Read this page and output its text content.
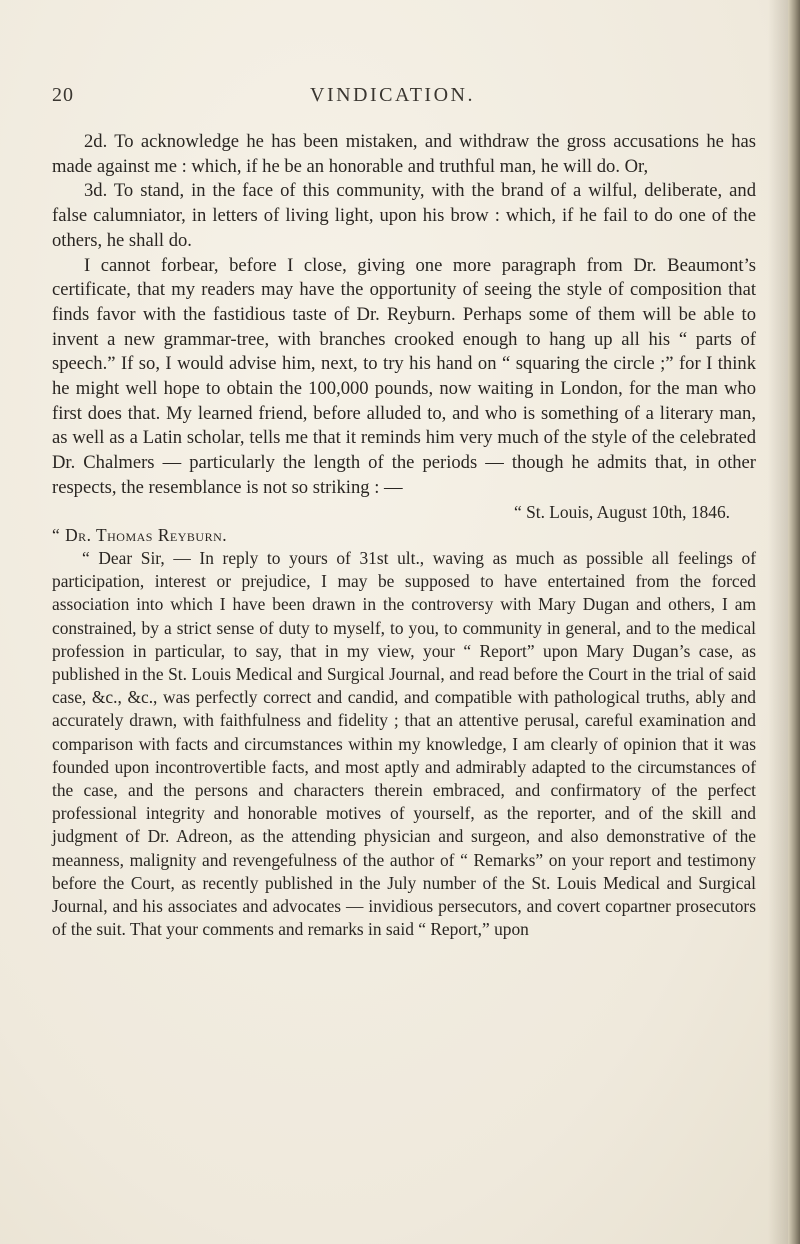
20	VINDICATION.

2d. To acknowledge he has been mistaken, and withdraw the gross accusations he has made against me : which, if he be an honorable and truthful man, he will do. Or,

3d. To stand, in the face of this community, with the brand of a wilful, deliberate, and false calumniator, in letters of living light, upon his brow : which, if he fail to do one of the others, he shall do.

I cannot forbear, before I close, giving one more paragraph from Dr. Beaumont’s certificate, that my readers may have the opportunity of seeing the style of composition that finds favor with the fastidious taste of Dr. Reyburn. Perhaps some of them will be able to invent a new grammar-tree, with branches crooked enough to hang up all his “ parts of speech.” If so, I would advise him, next, to try his hand on “ squaring the circle ;” for I think he might well hope to obtain the 100,000 pounds, now waiting in London, for the man who first does that. My learned friend, before alluded to, and who is something of a literary man, as well as a Latin scholar, tells me that it reminds him very much of the style of the celebrated Dr. Chalmers — particularly the length of the periods — though he admits that, in other respects, the resemblance is not so striking : —

“ St. Louis, August 10th, 1846.

“ Dr. Thomas Reyburn.

“ Dear Sir, — In reply to yours of 31st ult., waving as much as possible all feelings of participation, interest or prejudice, I may be supposed to have entertained from the forced association into which I have been drawn in the controversy with Mary Dugan and others, I am constrained, by a strict sense of duty to myself, to you, to community in general, and to the medical profession in particular, to say, that in my view, your “ Report” upon Mary Dugan’s case, as published in the St. Louis Medical and Surgical Journal, and read before the Court in the trial of said case, &c., &c., was perfectly correct and candid, and compatible with pathological truths, ably and accurately drawn, with faithfulness and fidelity ; that an attentive perusal, careful examination and comparison with facts and circumstances within my knowledge, I am clearly of opinion that it was founded upon incontrovertible facts, and most aptly and admirably adapted to the circumstances of the case, and the persons and characters therein embraced, and confirmatory of the perfect professional integrity and honorable motives of yourself, as the reporter, and of the skill and judgment of Dr. Adreon, as the attending physician and surgeon, and also demonstrative of the meanness, malignity and revengefulness of the author of “ Remarks” on your report and testimony before the Court, as recently published in the July number of the St. Louis Medical and Surgical Journal, and his associates and advocates — invidious persecutors, and covert copartner prosecutors of the suit. That your comments and remarks in said “ Report,” upon
